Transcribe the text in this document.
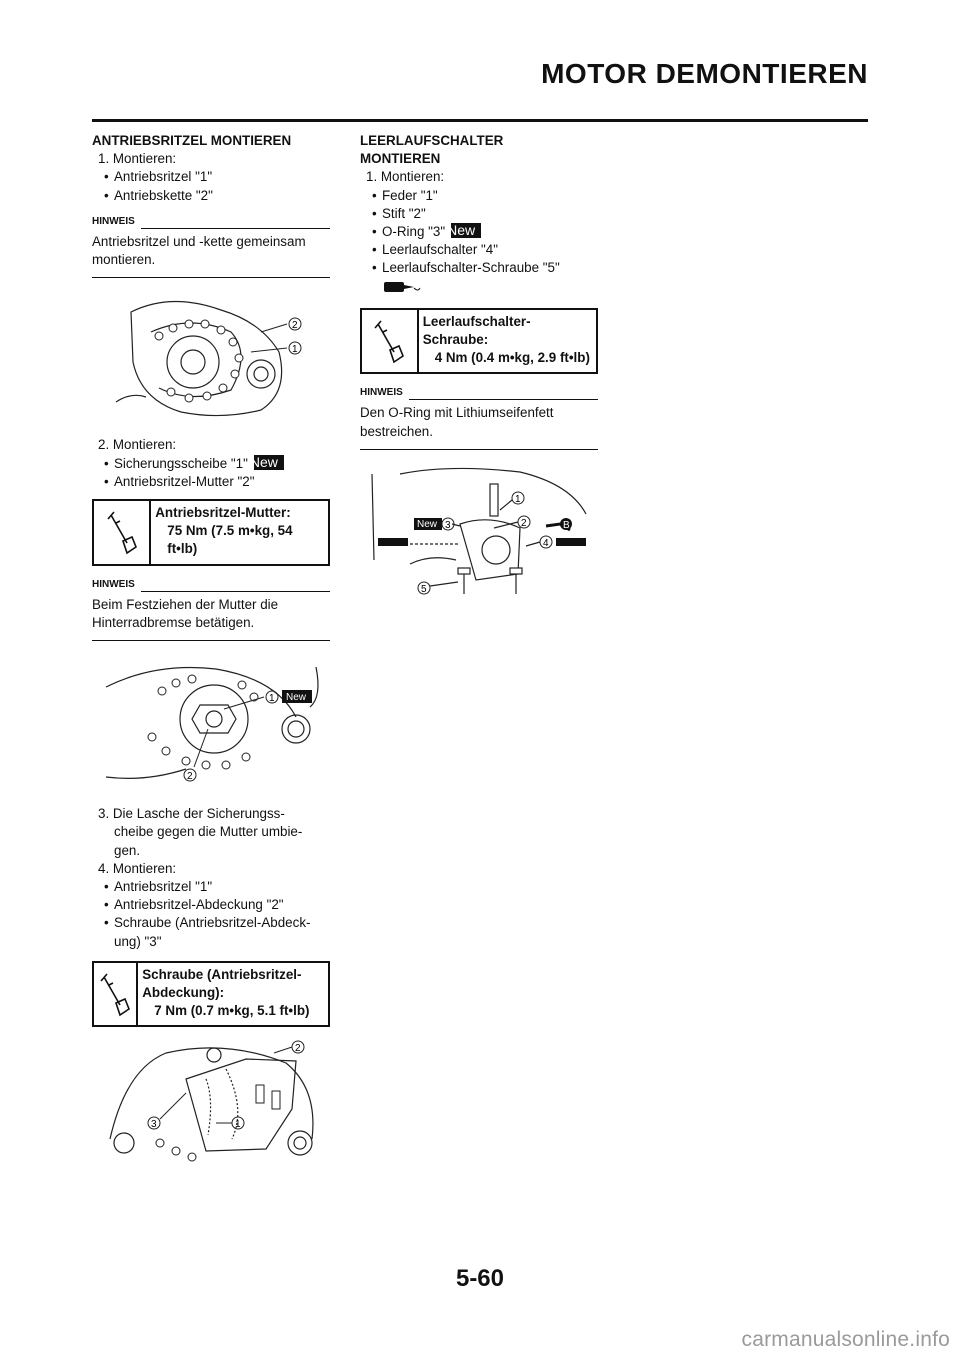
MOTOR DEMONTIEREN
ANTRIEBSRITZEL MONTIEREN
1. Montieren:
• Antriebsritzel "1"
• Antriebskette "2"
HINWEIS
Antriebsritzel und -kette gemeinsam montieren.
2
1
2. Montieren:
• Sicherungsscheibe "1" New
• Antriebsritzel-Mutter "2"
Antriebsritzel-Mutter:
75 Nm (7.5 m•kg, 54 ft•lb)
HINWEIS
Beim Festziehen der Mutter die Hinterradbremse betätigen.
1 New
2
3. Die Lasche der Sicherungss-
cheibe gegen die Mutter umbie-
gen.
4. Montieren:
• Antriebsritzel "1"
• Antriebsritzel-Abdeckung "2"
• Schraube (Antriebsritzel-Abdeck-
ung) "3"
Schraube (Antriebsritzel-Abdeckung):
7 Nm (0.7 m•kg, 5.1 ft•lb)
2
1
3
LEERLAUFSCHALTER
MONTIEREN
1. Montieren:
• Feder "1"
• Stift "2"
• O-Ring "3" New
• Leerlaufschalter "4"
• Leerlaufschalter-Schraube "5"
Leerlaufschalter-Schraube:
4 Nm (0.4 m•kg, 2.9 ft•lb)
HINWEIS
Den O-Ring mit Lithiumseifenfett bestreichen.
1
2
New 3
4
5
B
5-60
carmanualsonline.info
